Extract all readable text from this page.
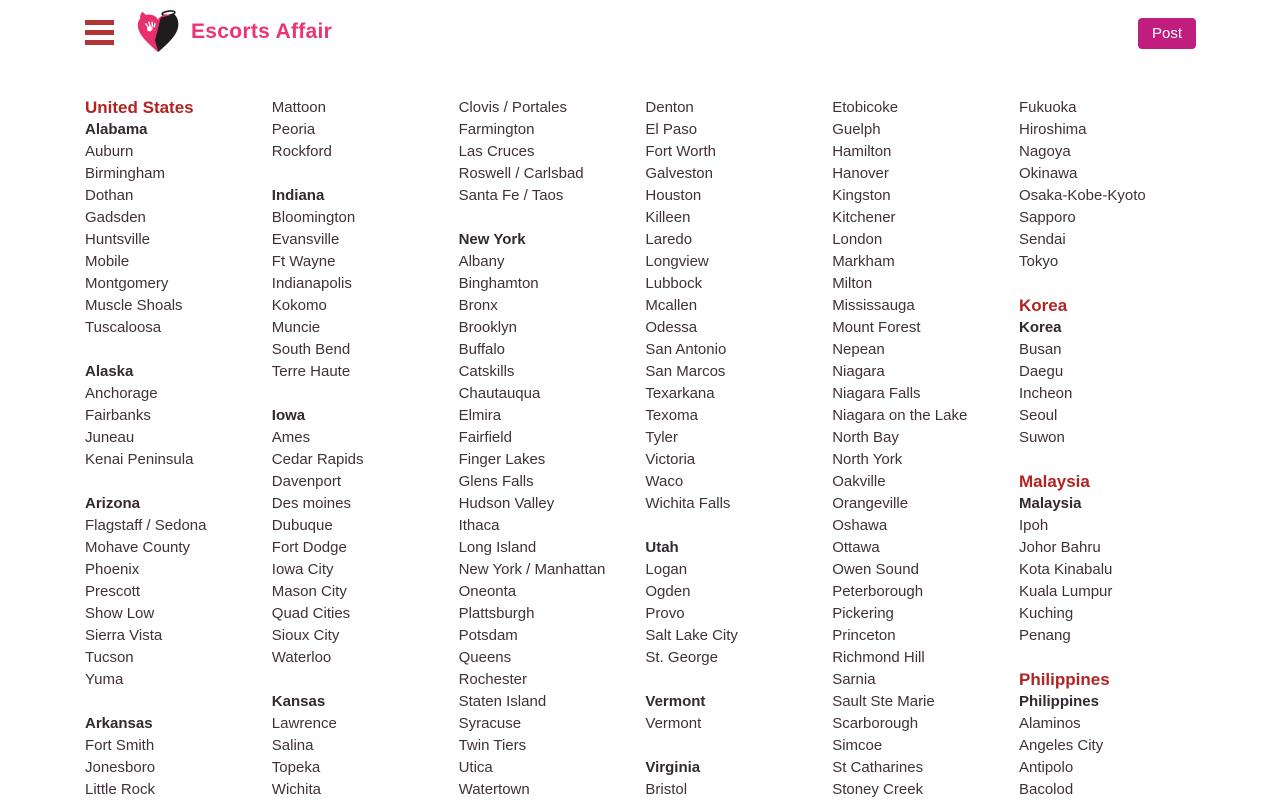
Escorts Affair	Post
United States
Alabama
Auburn
Birmingham
Dothan
Gadsden
Huntsville
Mobile
Montgomery
Muscle Shoals
Tuscaloosa
Alaska
Anchorage
Fairbanks
Juneau
Kenai Peninsula
Arizona
Flagstaff / Sedona
Mohave County
Phoenix
Prescott
Show Low
Sierra Vista
Tucson
Yuma
Arkansas
Fort Smith
Jonesboro
Little Rock
Mattoon
Peoria
Rockford
Indiana
Bloomington
Evansville
Ft Wayne
Indianapolis
Kokomo
Muncie
South Bend
Terre Haute
Iowa
Ames
Cedar Rapids
Davenport
Des moines
Dubuque
Fort Dodge
Iowa City
Mason City
Quad Cities
Sioux City
Waterloo
Kansas
Lawrence
Salina
Topeka
Wichita
Clovis / Portales
Farmington
Las Cruces
Roswell / Carlsbad
Santa Fe / Taos
New York
Albany
Binghamton
Bronx
Brooklyn
Buffalo
Catskills
Chautauqua
Elmira
Fairfield
Finger Lakes
Glens Falls
Hudson Valley
Ithaca
Long Island
New York / Manhattan
Oneonta
Plattsburgh
Potsdam
Queens
Rochester
Staten Island
Syracuse
Twin Tiers
Utica
Watertown
Denton
El Paso
Fort Worth
Galveston
Houston
Killeen
Laredo
Longview
Lubbock
Mcallen
Odessa
San Antonio
San Marcos
Texarkana
Texoma
Tyler
Victoria
Waco
Wichita Falls
Utah
Logan
Ogden
Provo
Salt Lake City
St. George
Vermont
Vermont
Virginia
Bristol
Etobicoke
Guelph
Hamilton
Hanover
Kingston
Kitchener
London
Markham
Milton
Mississauga
Mount Forest
Nepean
Niagara
Niagara Falls
Niagara on the Lake
North Bay
North York
Oakville
Orangeville
Oshawa
Ottawa
Owen Sound
Peterborough
Pickering
Princeton
Richmond Hill
Sarnia
Sault Ste Marie
Scarborough
Simcoe
St Catharines
Stoney Creek
Fukuoka
Hiroshima
Nagoya
Okinawa
Osaka-Kobe-Kyoto
Sapporo
Sendai
Tokyo
Korea
Korea
Busan
Daegu
Incheon
Seoul
Suwon
Malaysia
Malaysia
Ipoh
Johor Bahru
Kota Kinabalu
Kuala Lumpur
Kuching
Penang
Philippines
Philippines
Alaminos
Angeles City
Antipolo
Bacolod
